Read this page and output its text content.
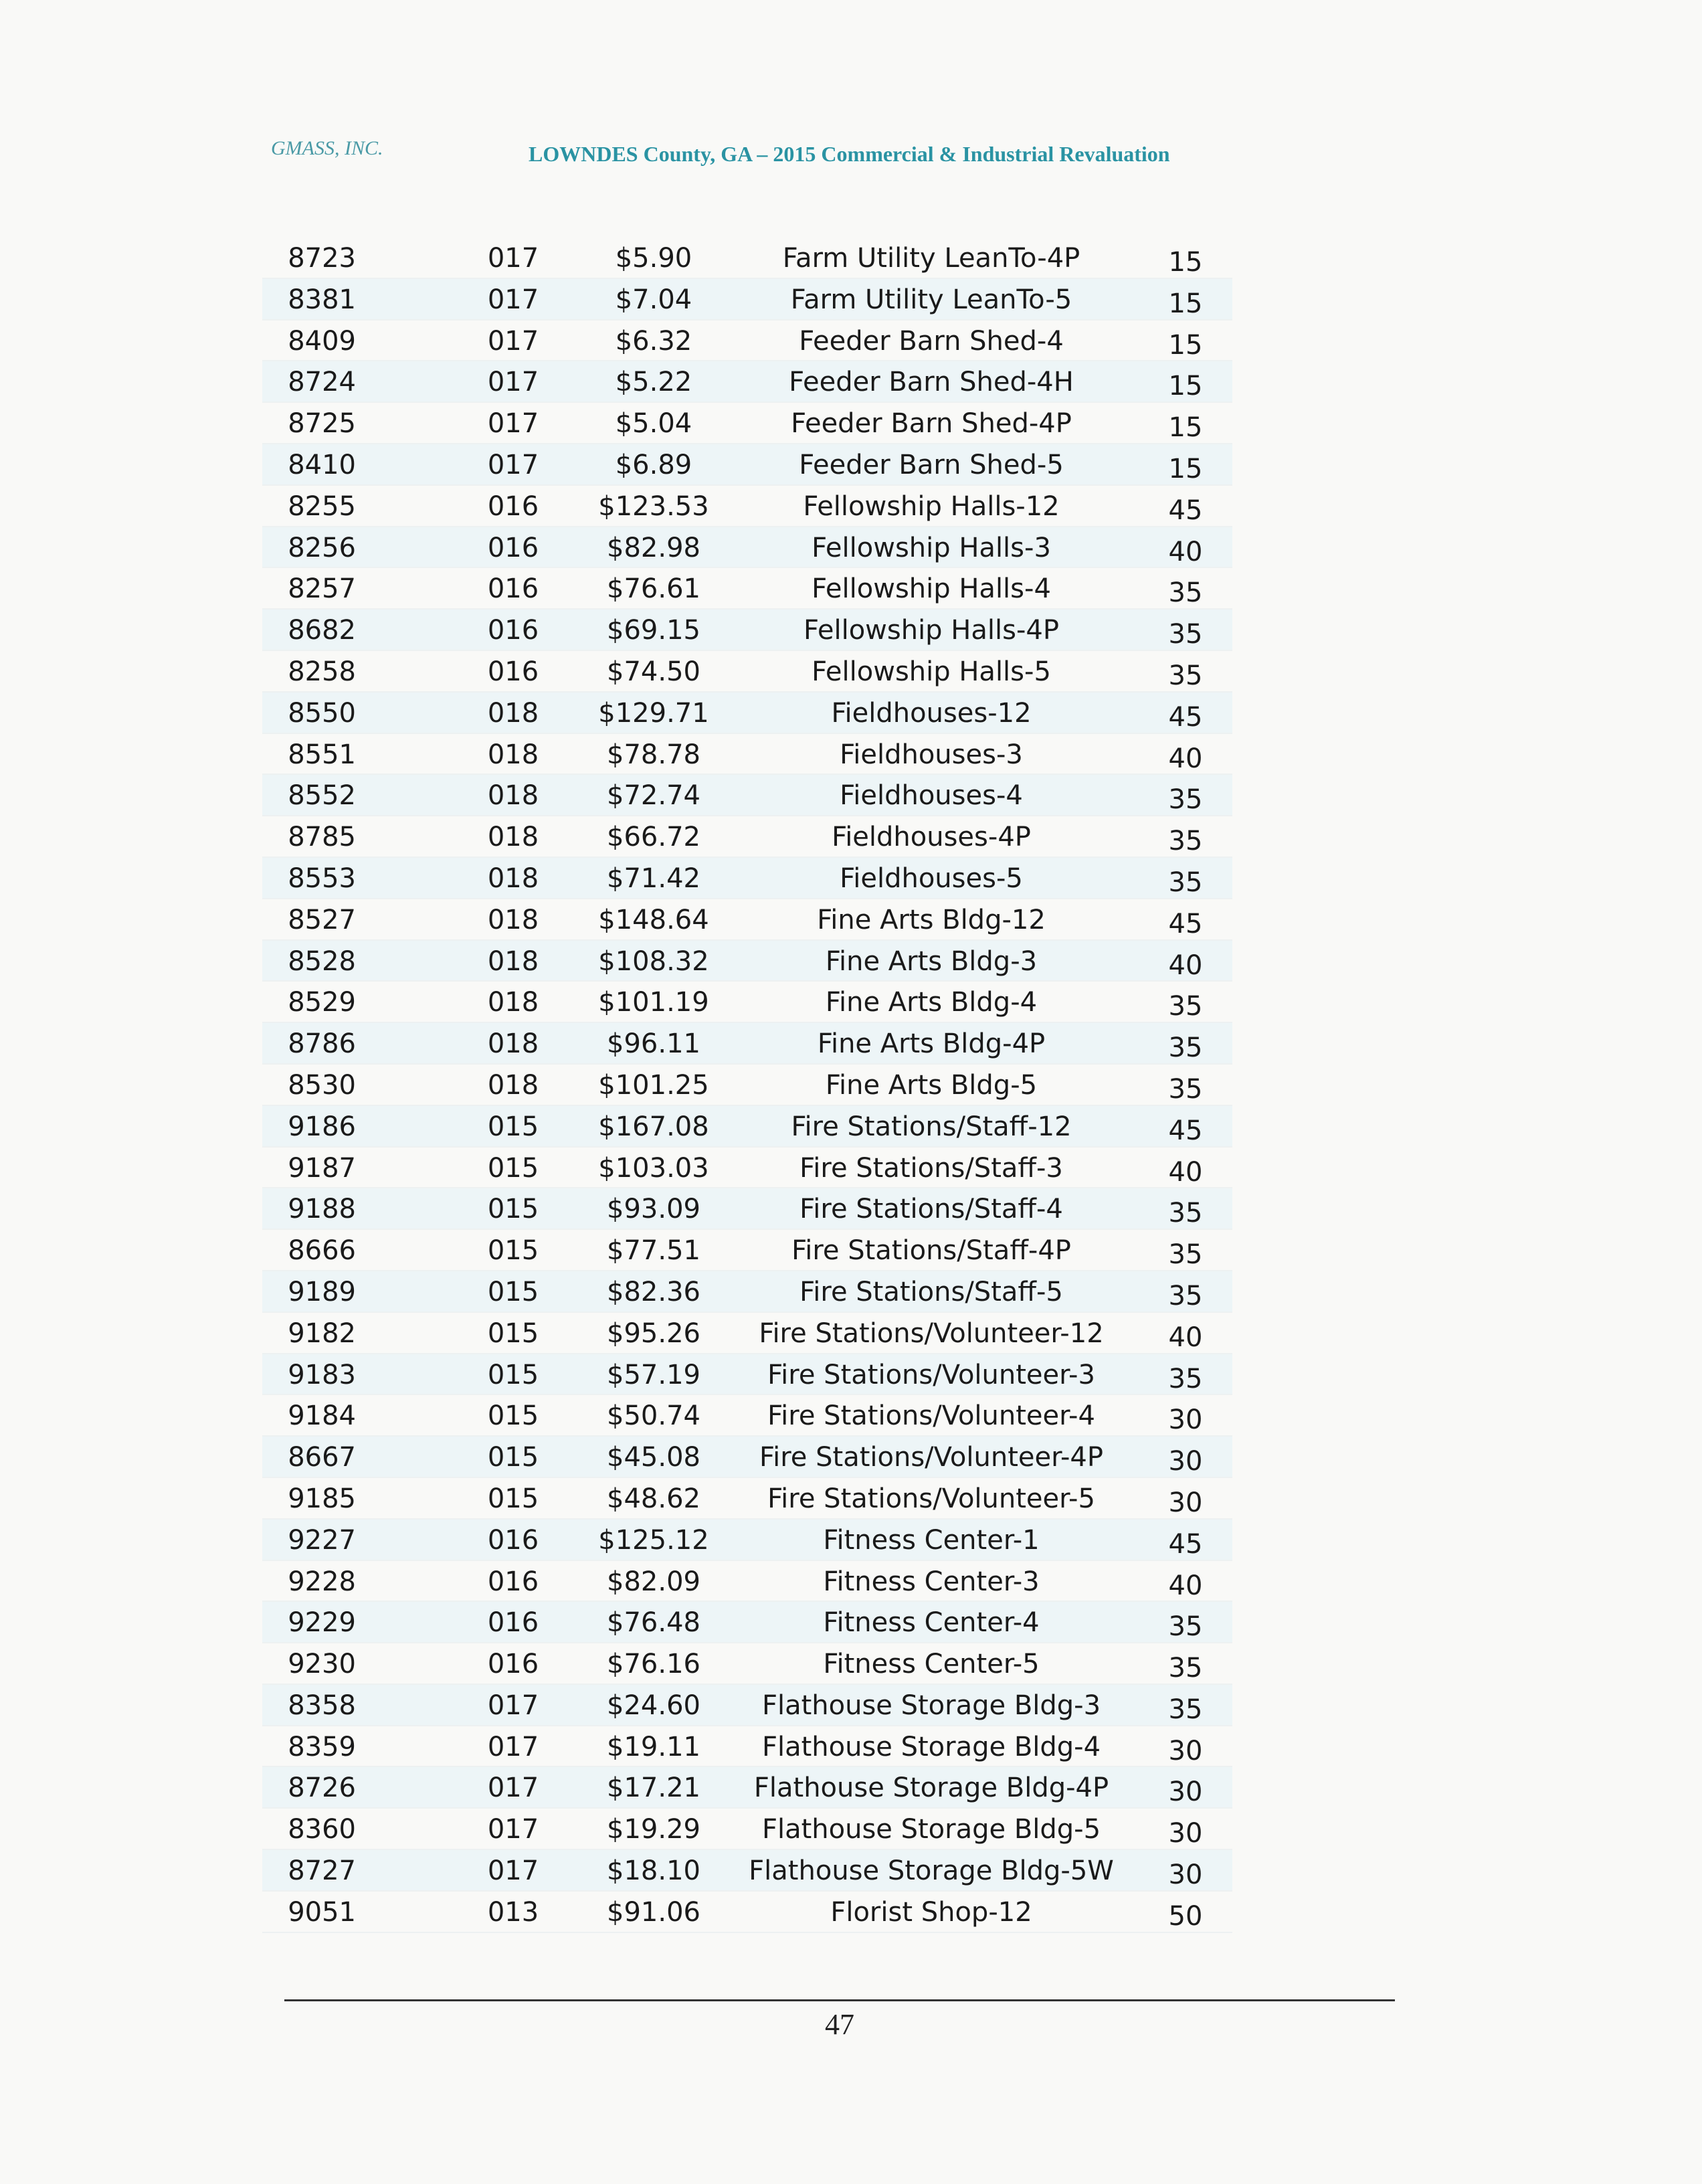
GMASS, INC.	LOWNDES County, GA – 2015 Commercial & Industrial Revaluation
8723	017	$5.90	Farm Utility LeanTo-4P	15
8381	017	$7.04	Farm Utility LeanTo-5	15
8409	017	$6.32	Feeder Barn Shed-4	15
8724	017	$5.22	Feeder Barn Shed-4H	15
8725	017	$5.04	Feeder Barn Shed-4P	15
8410	017	$6.89	Feeder Barn Shed-5	15
8255	016	$123.53	Fellowship Halls-12	45
8256	016	$82.98	Fellowship Halls-3	40
8257	016	$76.61	Fellowship Halls-4	35
8682	016	$69.15	Fellowship Halls-4P	35
8258	016	$74.50	Fellowship Halls-5	35
8550	018	$129.71	Fieldhouses-12	45
8551	018	$78.78	Fieldhouses-3	40
8552	018	$72.74	Fieldhouses-4	35
8785	018	$66.72	Fieldhouses-4P	35
8553	018	$71.42	Fieldhouses-5	35
8527	018	$148.64	Fine Arts Bldg-12	45
8528	018	$108.32	Fine Arts Bldg-3	40
8529	018	$101.19	Fine Arts Bldg-4	35
8786	018	$96.11	Fine Arts Bldg-4P	35
8530	018	$101.25	Fine Arts Bldg-5	35
9186	015	$167.08	Fire Stations/Staff-12	45
9187	015	$103.03	Fire Stations/Staff-3	40
9188	015	$93.09	Fire Stations/Staff-4	35
8666	015	$77.51	Fire Stations/Staff-4P	35
9189	015	$82.36	Fire Stations/Staff-5	35
9182	015	$95.26	Fire Stations/Volunteer-12	40
9183	015	$57.19	Fire Stations/Volunteer-3	35
9184	015	$50.74	Fire Stations/Volunteer-4	30
8667	015	$45.08	Fire Stations/Volunteer-4P	30
9185	015	$48.62	Fire Stations/Volunteer-5	30
9227	016	$125.12	Fitness Center-1	45
9228	016	$82.09	Fitness Center-3	40
9229	016	$76.48	Fitness Center-4	35
9230	016	$76.16	Fitness Center-5	35
8358	017	$24.60	Flathouse Storage Bldg-3	35
8359	017	$19.11	Flathouse Storage Bldg-4	30
8726	017	$17.21	Flathouse Storage Bldg-4P	30
8360	017	$19.29	Flathouse Storage Bldg-5	30
8727	017	$18.10	Flathouse Storage Bldg-5W	30
9051	013	$91.06	Florist Shop-12	50
47
